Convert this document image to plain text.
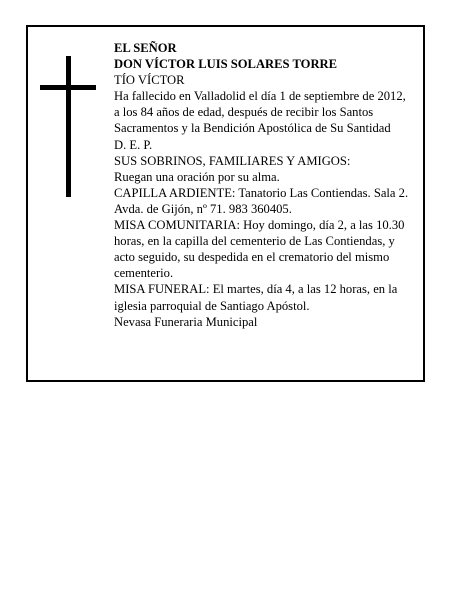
EL SEÑOR

DON VÍCTOR LUIS SOLARES TORRE

TÍO VÍCTOR

Ha fallecido en Valladolid el día 1 de septiembre de 2012, a los 84 años de edad, después de recibir los Santos Sacramentos y la Bendición Apostólica de Su Santidad

D. E. P.

SUS SOBRINOS, FAMILIARES Y AMIGOS:

Ruegan una oración por su alma.

CAPILLA ARDIENTE: Tanatorio Las Contiendas. Sala 2. Avda. de Gijón, nº 71. 983 360405.

MISA COMUNITARIA: Hoy domingo, día 2, a las 10.30 horas, en la capilla del cementerio de Las Contiendas, y acto seguido, su despedida en el crematorio del mismo cementerio.

MISA FUNERAL: El martes, día 4, a las 12 horas, en la iglesia parroquial de Santiago Apóstol.

Nevasa Funeraria Municipal
